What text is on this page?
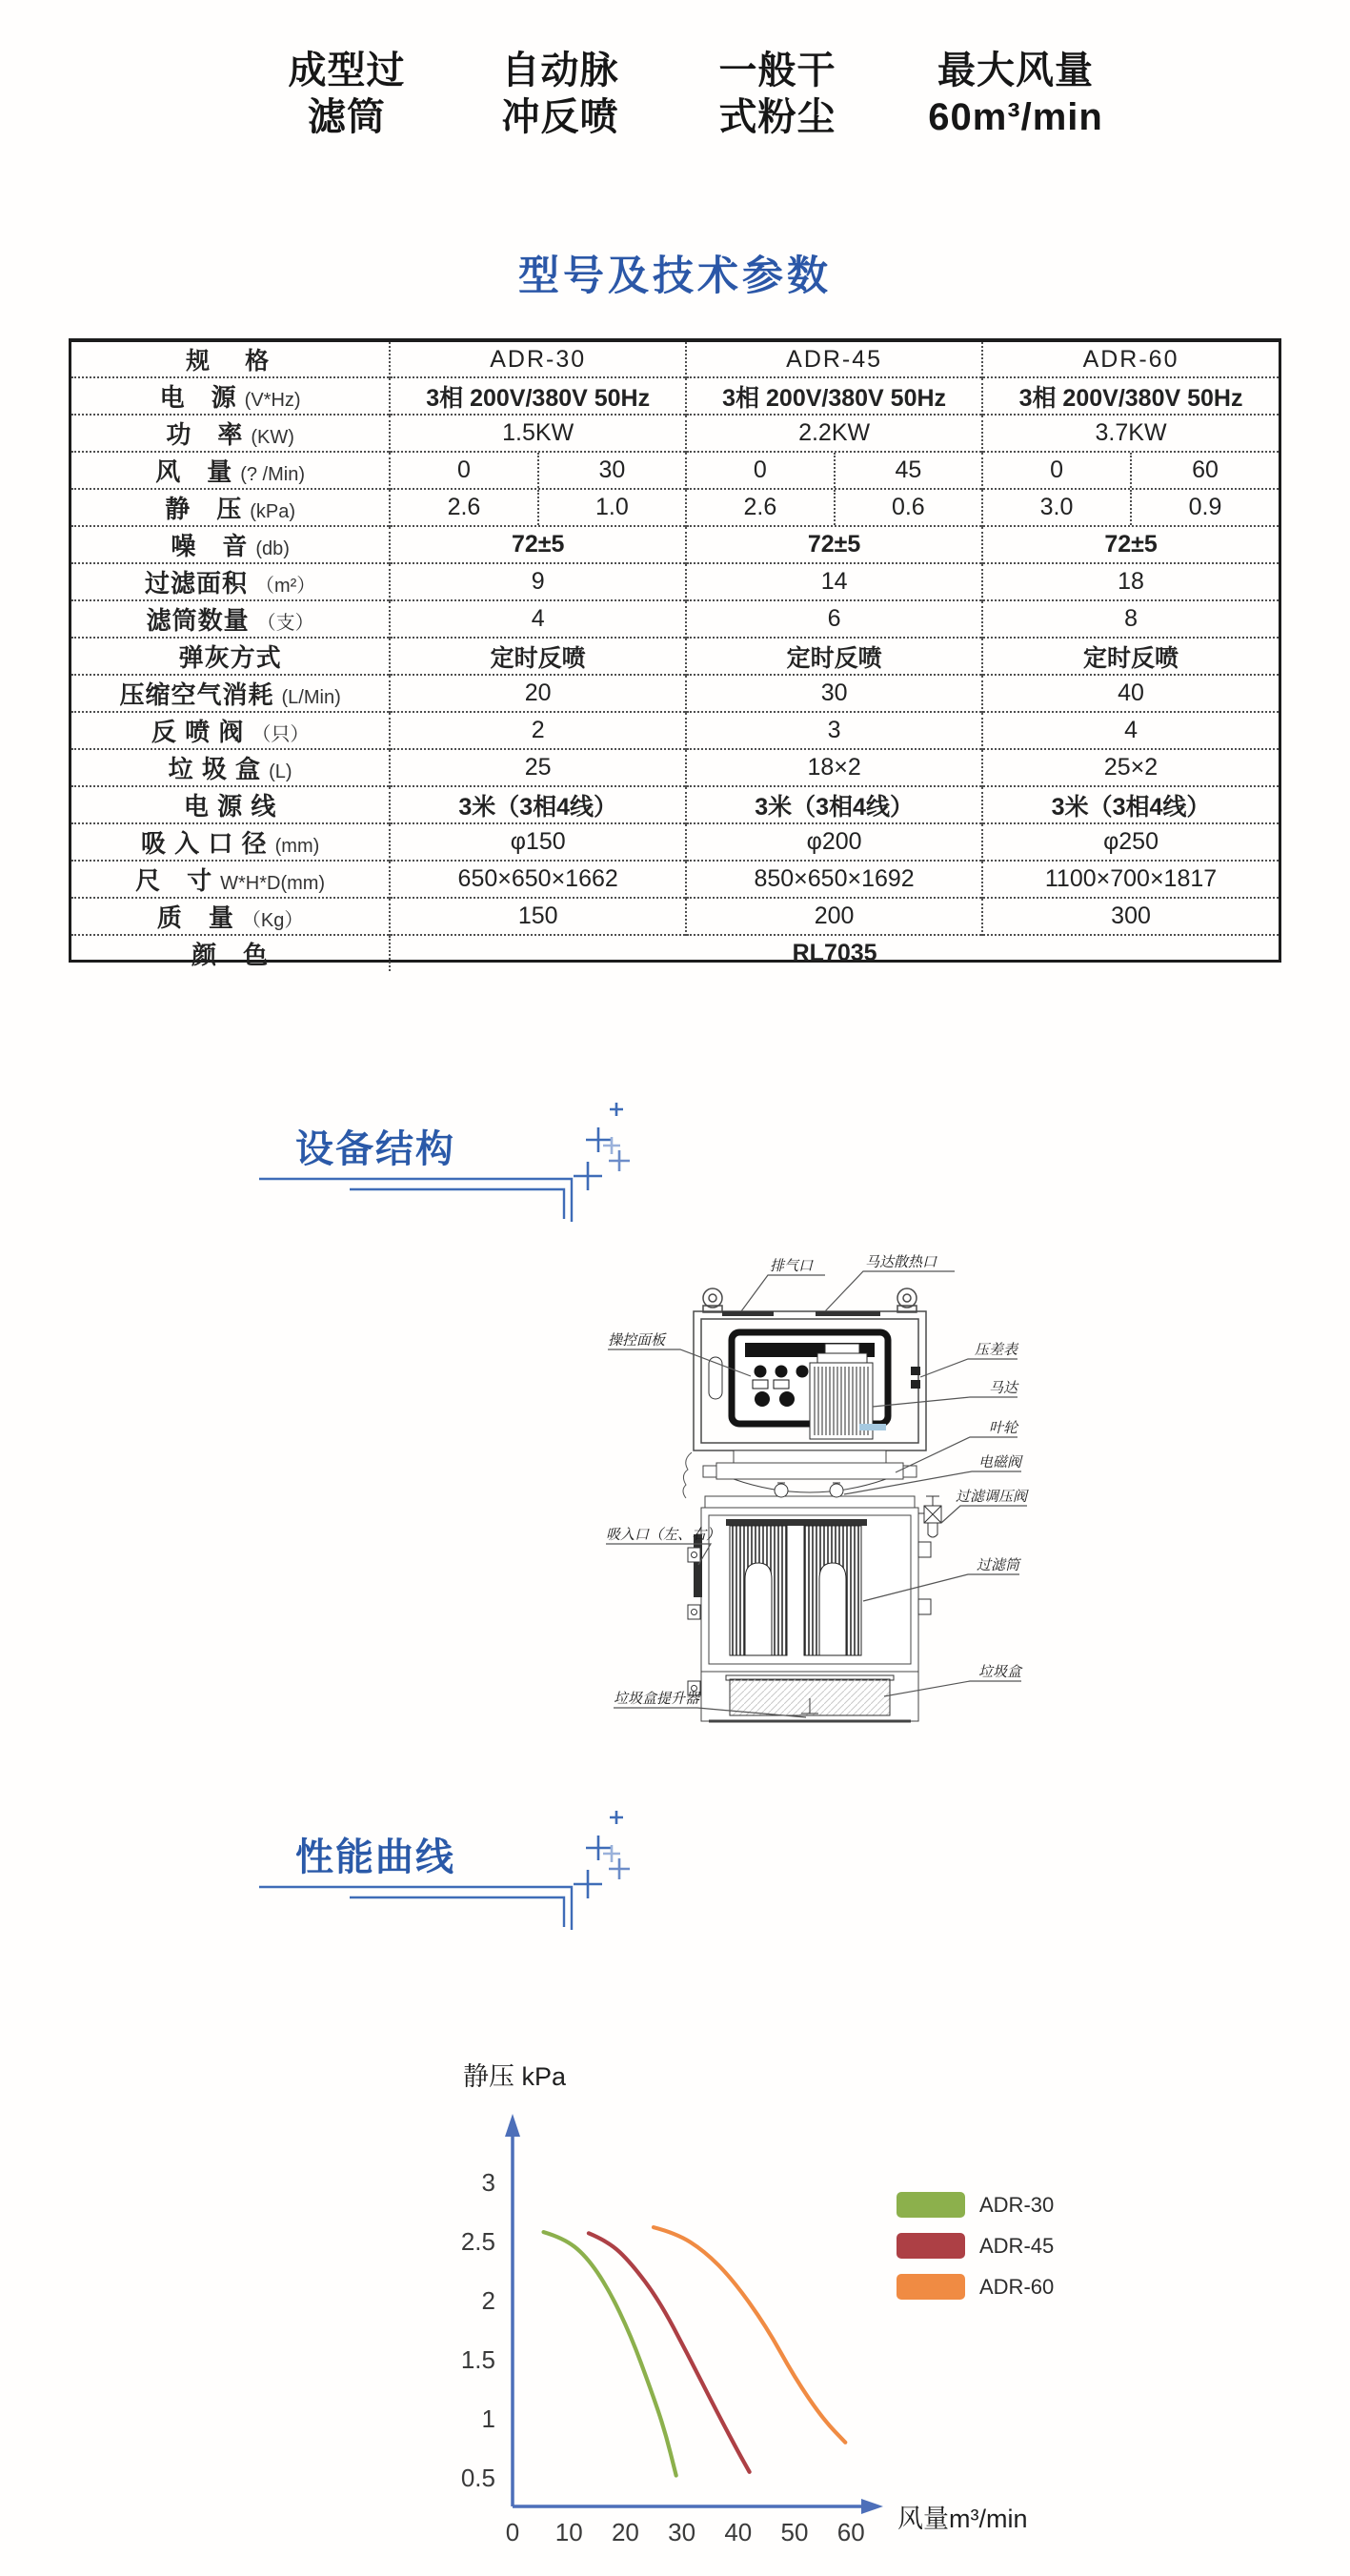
成型过
滤筒
自动脉
冲反喷
一般干
式粉尘
最大风量
60m³/min
型号及技术参数
规　格	ADR-30	ADR-45	ADR-60
电　源 (V*Hz)	3相 200V/380V 50Hz	3相 200V/380V 50Hz	3相 200V/380V 50Hz
功　率 (KW)	1.5KW	2.2KW	3.7KW
风　量 (? /Min)	0 30	0 45	0 60

静　压 (kPa)	2.6 1.0	2.6 0.6	3.0 0.9

噪　音 (db)	72±5	72±5	72±5
过滤面积 （m²）	9	14	18
滤筒数量 （支）	4	6	8
弹灰方式	定时反喷	定时反喷	定时反喷
压缩空气消耗 (L/Min)	20	30	40
反 喷 阀 （只）	2	3	4
垃 圾 盒 (L)	25	18×2	25×2
电 源 线	3米（3相4线）	3米（3相4线）	3米（3相4线）
吸 入 口 径 (mm)	φ150	φ200	φ250
尺　寸 W*H*D(mm)	650×650×1662	850×650×1692	1100×700×1817
质　量 （Kg）	150	200	300
颜　色	RL7035		
设备结构
排气口	马达散热口
操控面板
压差表
马达
叶轮
电磁阀
过滤调压阀
吸入口（左、右）
过滤筒
垃圾盒
垃圾盒提升器
性能曲线
静压 kPa
风量m³/min
0.5
1
1.5
2
2.5
3
0 10 20 30 40 50 60
ADR-30
ADR-45
ADR-60
